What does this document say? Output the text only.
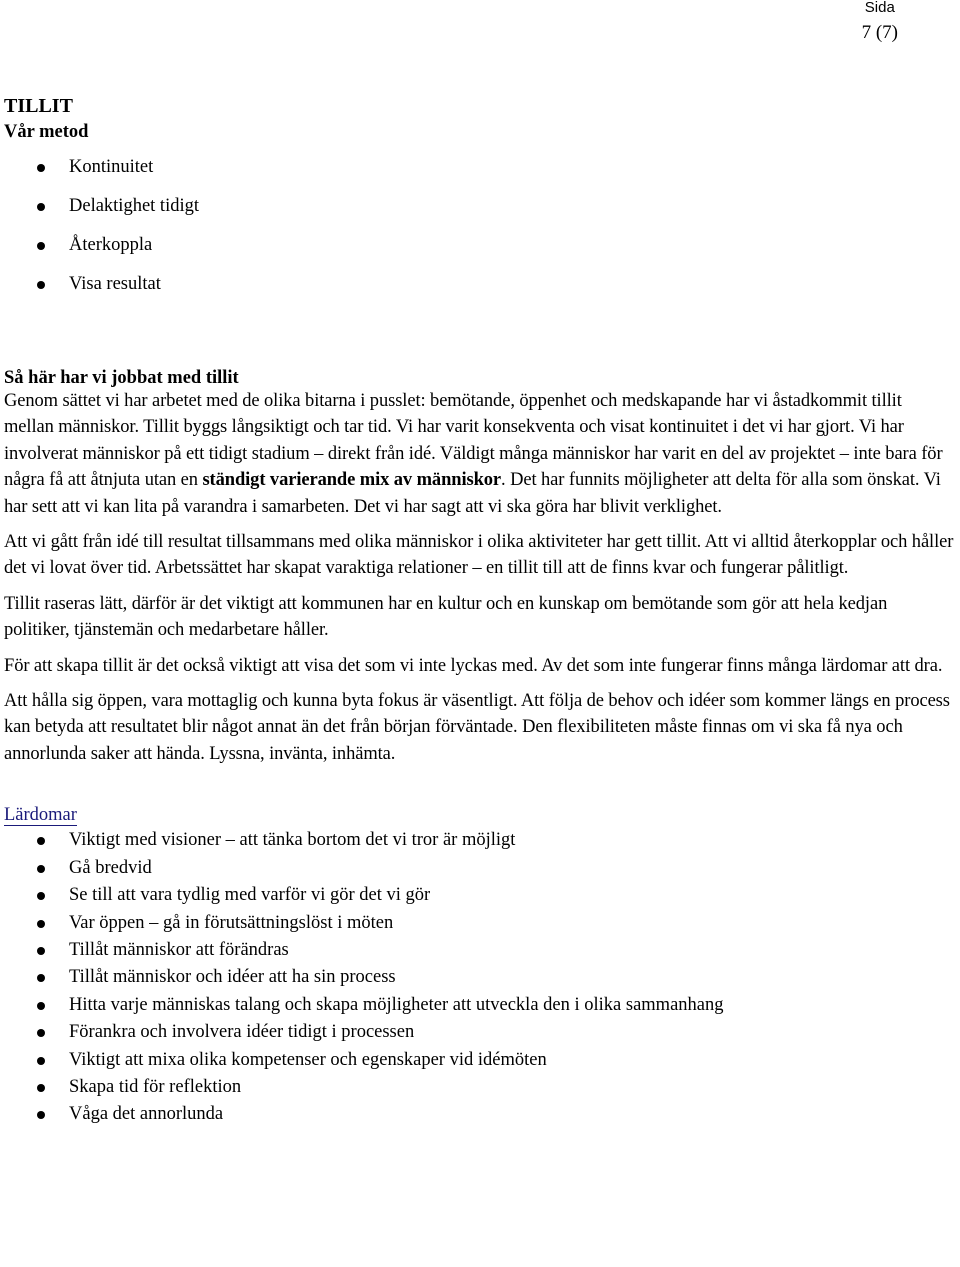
Sida
7 (7)
TILLIT
Vår metod
Kontinuitet
Delaktighet tidigt
Återkoppla
Visa resultat
Så här har vi jobbat med tillit

Genom sättet vi har arbetet med de olika bitarna i pusslet: bemötande, öppenhet och medskapande har vi åstadkommit tillit mellan människor. Tillit byggs långsiktigt och tar tid. Vi har varit konsekventa och visat kontinuitet i det vi har gjort. Vi har involverat människor på ett tidigt stadium – direkt från idé. Väldigt många människor har varit en del av projektet – inte bara för några få att åtnjuta utan en ständigt varierande mix av människor. Det har funnits möjligheter att delta för alla som önskat. Vi har sett att vi kan lita på varandra i samarbeten. Det vi har sagt att vi ska göra har blivit verklighet.

Att vi gått från idé till resultat tillsammans med olika människor i olika aktiviteter har gett tillit. Att vi alltid återkopplar och håller det vi lovat över tid. Arbetssättet har skapat varaktiga relationer – en tillit till att de finns kvar och fungerar pålitligt.

Tillit raseras lätt, därför är det viktigt att kommunen har en kultur och en kunskap om bemötande som gör att hela kedjan politiker, tjänstemän och medarbetare håller.

För att skapa tillit är det också viktigt att visa det som vi inte lyckas med. Av det som inte fungerar finns många lärdomar att dra.

Att hålla sig öppen, vara mottaglig och kunna byta fokus är väsentligt. Att följa de behov och idéer som kommer längs en process kan betyda att resultatet blir något annat än det från början förväntade. Den flexibiliteten måste finnas om vi ska få nya och annorlunda saker att hända. Lyssna, invänta, inhämta.

Lärdomar
Viktigt med visioner – att tänka bortom det vi tror är möjligt
Gå bredvid
Se till att vara tydlig med varför vi gör det vi gör
Var öppen – gå in förutsättningslöst i möten
Tillåt människor att förändras
Tillåt människor och idéer att ha sin process
Hitta varje människas talang och skapa möjligheter att utveckla den i olika sammanhang
Förankra och involvera idéer tidigt i processen
Viktigt att mixa olika kompetenser och egenskaper vid idémöten
Skapa tid för reflektion
Våga det annorlunda
